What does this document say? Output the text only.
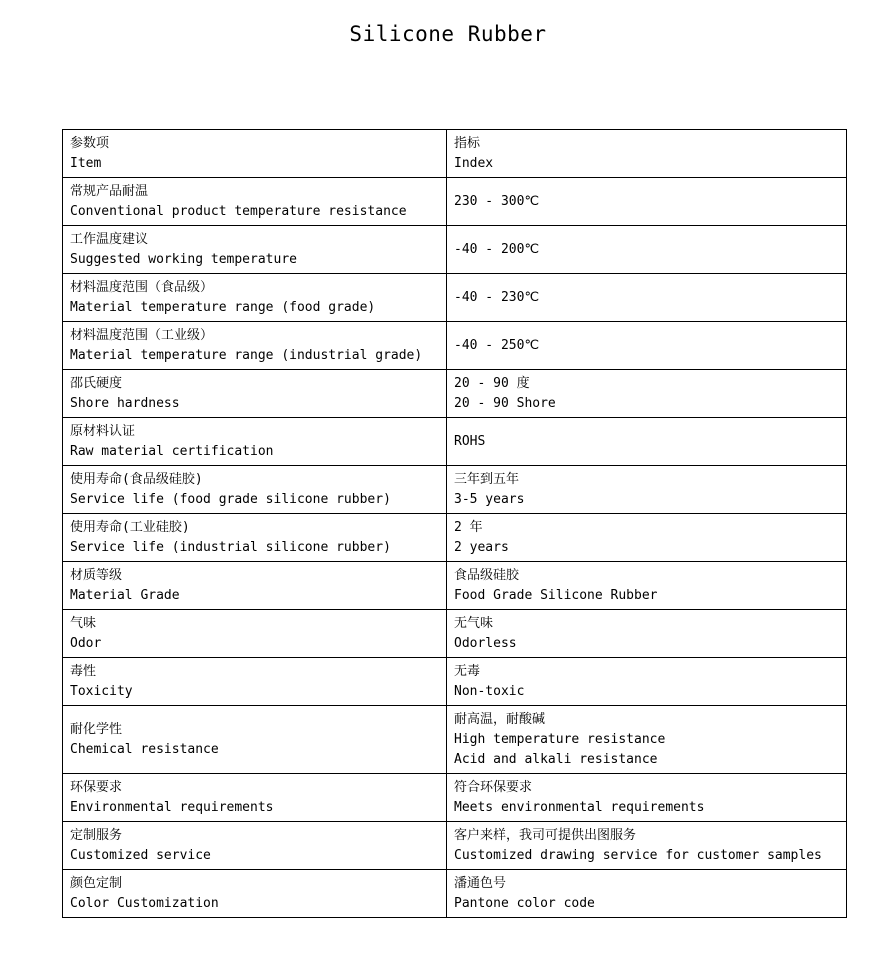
Silicone Rubber
参数项
Item	指标
Index

常规产品耐温
Conventional product temperature resistance	230 - 300℃

工作温度建议
Suggested working temperature	-40 - 200℃

材料温度范围（食品级）
Material temperature range (food grade)	-40 - 230℃

材料温度范围（工业级）
Material temperature range (industrial grade)	-40 - 250℃

邵氏硬度
Shore hardness	20 - 90 度
20 - 90 Shore

原材料认证
Raw material certification	ROHS

使用寿命(食品级硅胶)
Service life (food grade silicone rubber)	三年到五年
3-5 years

使用寿命(工业硅胶)
Service life (industrial silicone rubber)	2 年
2 years

材质等级
Material Grade	食品级硅胶
Food Grade Silicone Rubber

气味
Odor	无气味
Odorless

毒性
Toxicity	无毒
Non-toxic

耐化学性
Chemical resistance	耐高温，耐酸碱
High temperature resistance
Acid and alkali resistance

环保要求
Environmental requirements	符合环保要求
Meets environmental requirements

定制服务
Customized service	客户来样，我司可提供出图服务
Customized drawing service for customer samples

颜色定制
Color Customization	潘通色号
Pantone color code
